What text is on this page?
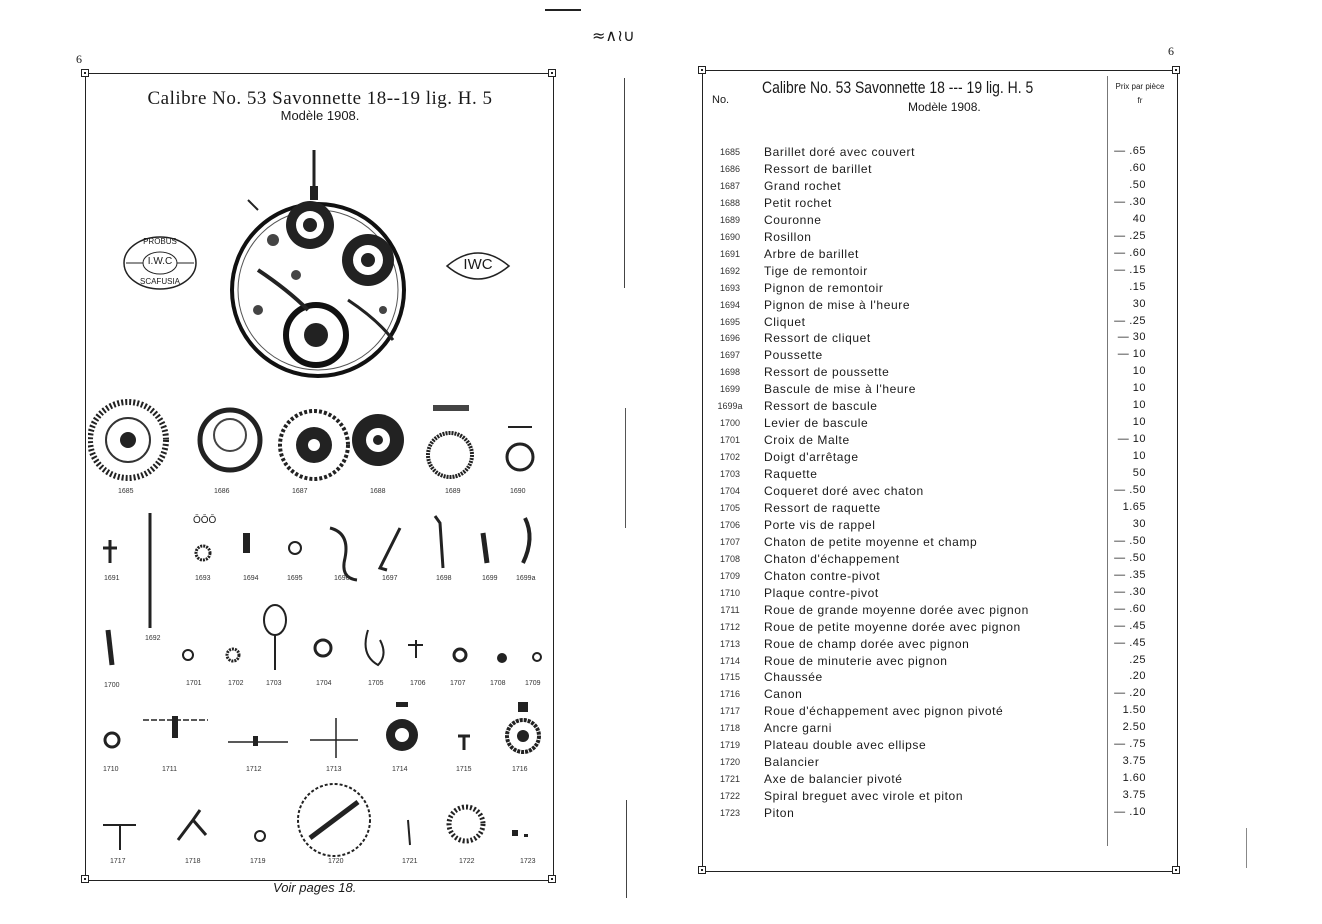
≈∧≀∪
6
Calibre No. 53 Savonnette 18--19 lig. H. 5
Modèle 1908.
PROBUS
I.W.C
SCAFUSIA
IWC
1685	1686	1687	1688	1689	1690
ŌŌŌ
1691
1692
1693	1694	1695	1696	1697	1698	1699	1699a
1700	1701	1702	1703	1704	1705	1706	1707	1708	1709
1710	1711	1712	1713	1714	1715	1716
1717	1718	1719	1720	1721	1722	1723
Voir pages 18.
6
No.
Calibre No. 53 Savonnette 18 --- 19 lig. H. 5
Modèle 1908.
Prix par pièce
fr
1685	Barillet doré avec couvert	— .65
1686	Ressort de barillet	.60
1687	Grand rochet	.50
1688	Petit rochet	— .30
1689	Couronne	40
1690	Rosillon	— .25
1691	Arbre de barillet	— .60
1692	Tige de remontoir	— .15
1693	Pignon de remontoir	.15
1694	Pignon de mise à l'heure	30
1695	Cliquet	— .25
1696	Ressort de cliquet	— 30
1697	Poussette	— 10
1698	Ressort de poussette	10
1699	Bascule de mise à l'heure	10
1699a	Ressort de bascule	10
1700	Levier de bascule	10
1701	Croix de Malte	— 10
1702	Doigt d'arrêtage	10
1703	Raquette	50
1704	Coqueret doré avec chaton	— .50
1705	Ressort de raquette	1.65
1706	Porte vis de rappel	30
1707	Chaton de petite moyenne et champ	— .50
1708	Chaton d'échappement	— .50
1709	Chaton contre-pivot	— .35
1710	Plaque contre-pivot	— .30
1711	Roue de grande moyenne dorée avec pignon	— .60
1712	Roue de petite moyenne dorée avec pignon	— .45
1713	Roue de champ dorée avec pignon	— .45
1714	Roue de minuterie avec pignon	.25
1715	Chaussée	.20
1716	Canon	— .20
1717	Roue d'échappement avec pignon pivoté	1.50
1718	Ancre garni	2.50
1719	Plateau double avec ellipse	— .75
1720	Balancier	3.75
1721	Axe de balancier pivoté	1.60
1722	Spiral breguet avec virole et piton	3.75
1723	Piton	— .10
